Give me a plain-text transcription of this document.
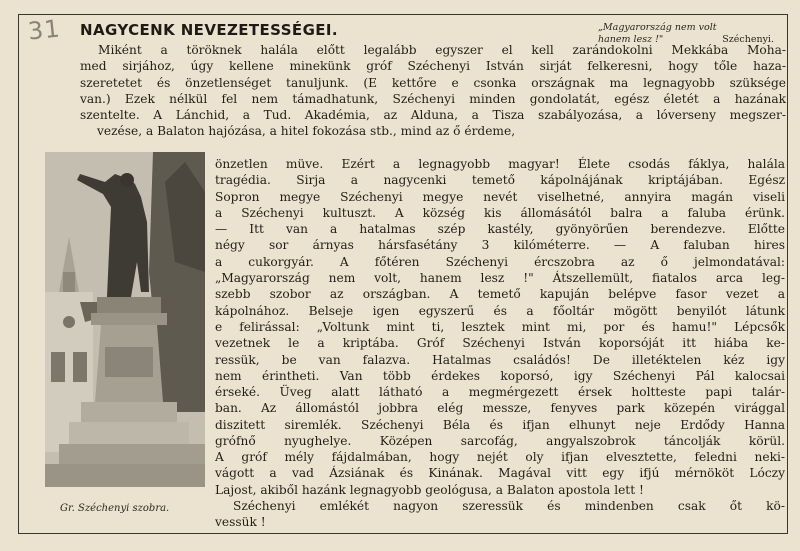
31 NAGYCENK NEVEZETESSÉGEI.	„Magyarország nem volt
hanem lesz !"	Széchenyi.
Miként a töröknek halála előtt legalább egyszer el kell zarándokolni Mekkába Moha-
med sirjához, úgy kellene minekünk gróf Széchenyi István sirját felkeresni, hogy tőle haza-
szeretetet és önzetlenséget tanuljunk. (E kettőre e csonka országnak ma legnagyobb szüksége
van.) Ezek nélkül fel nem támadhatunk, Széchenyi minden gondolatát, egész életét a hazának
szentelte. A Lánchid, a Tud. Akadémia, az Alduna, a Tisza szabályozása, a lóverseny megszer-
vezése, a Balaton hajózása, a hitel fokozása stb., mind az ő érdeme,
Gr. Széchenyi szobra.
önzetlen müve. Ezért a legnagyobb magyar! Élete csodás fáklya, halála
tragédia. Sirja a nagycenki temető kápolnájának kriptájában. Egész
Sopron megye Széchenyi megye nevét viselhetné, annyira magán viseli
a Széchenyi kultuszt. A község kis állomásától balra a faluba érünk.
— Itt van a hatalmas szép kastély, gyönyörűen berendezve. Előtte
négy sor árnyas hársfasétány 3 kilóméterre. — A faluban hires
a cukorgyár. A főtéren Széchenyi ércszobra az ő jelmondatával:
„Magyarország nem volt, hanem lesz !" Átszellemült, fiatalos arca leg-
szebb szobor az országban. A temető kapuján belépve fasor vezet a
kápolnához. Belseje igen egyszerű és a főoltár mögött benyilót látunk
e felirással: „Voltunk mint ti, lesztek mint mi, por és hamu!" Lépcsők
vezetnek le a kriptába. Gróf Széchenyi István koporsóját itt hiába ke-
ressük, be van falazva. Hatalmas családós! De illetéktelen kéz igy
nem érintheti. Van több érdekes koporsó, igy Széchenyi Pál kalocsai
érseké. Üveg alatt látható a megmérgezett érsek holtteste papi talár-
ban. Az állomástól jobbra elég messze, fenyves park közepén virággal
diszitett siremlék. Széchenyi Béla és ifjan elhunyt neje Erdődy Hanna
grófnő nyughelye. Középen sarcofág, angyalszobrok táncolják körül.
A gróf mély fájdalmában, hogy nejét oly ifjan elvesztette, feledni neki-
vágott a vad Ázsiának és Kinának. Magával vitt egy ifjú mérnököt Lóczy
Lajost, akiből hazánk legnagyobb geológusa, a Balaton apostola lett !
Széchenyi emlékét nagyon szeressük és mindenben csak őt kö-
vessük !
